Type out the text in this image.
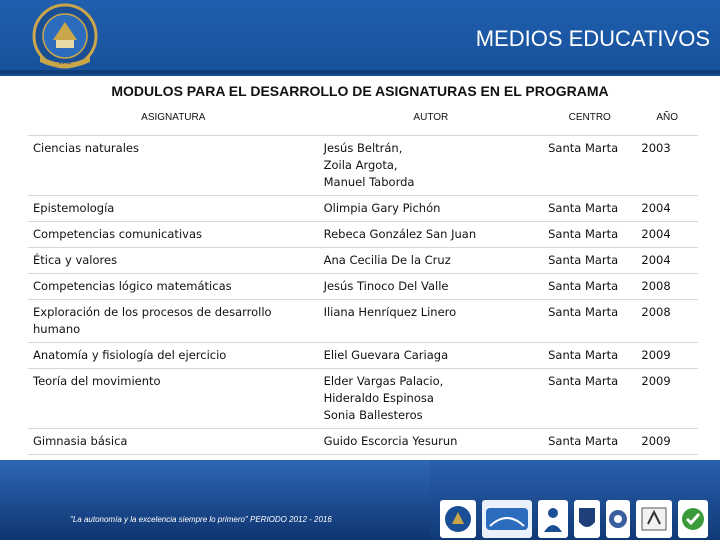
1962
MEDIOS EDUCATIVOS
MODULOS PARA EL DESARROLLO DE ASIGNATURAS EN EL PROGRAMA
ASIGNATURA	AUTOR	CENTRO	AÑO
Ciencias naturales	Jesús Beltrán,
Zoila Argota,
Manuel Taborda	Santa Marta	2003
Epistemología	Olimpia Gary Pichón	Santa Marta	2004
Competencias comunicativas	Rebeca González San Juan	Santa Marta	2004
Ética y valores	Ana Cecilia De la Cruz	Santa Marta	2004
Competencias lógico matemáticas	Jesús Tinoco Del Valle	Santa Marta	2008
Exploración de los procesos de desarrollo humano	Iliana Henríquez Linero	Santa Marta	2008
Anatomía y fisiología del ejercicio	Eliel Guevara Cariaga	Santa Marta	2009
Teoría del movimiento	Elder Vargas Palacio,
Hideraldo Espinosa
Sonia Ballesteros	Santa Marta	2009
Gimnasia básica	Guido Escorcia Yesurun	Santa Marta	2009
"La autonomía y la excelencia siempre lo primero" PERIODO 2012 - 2016
